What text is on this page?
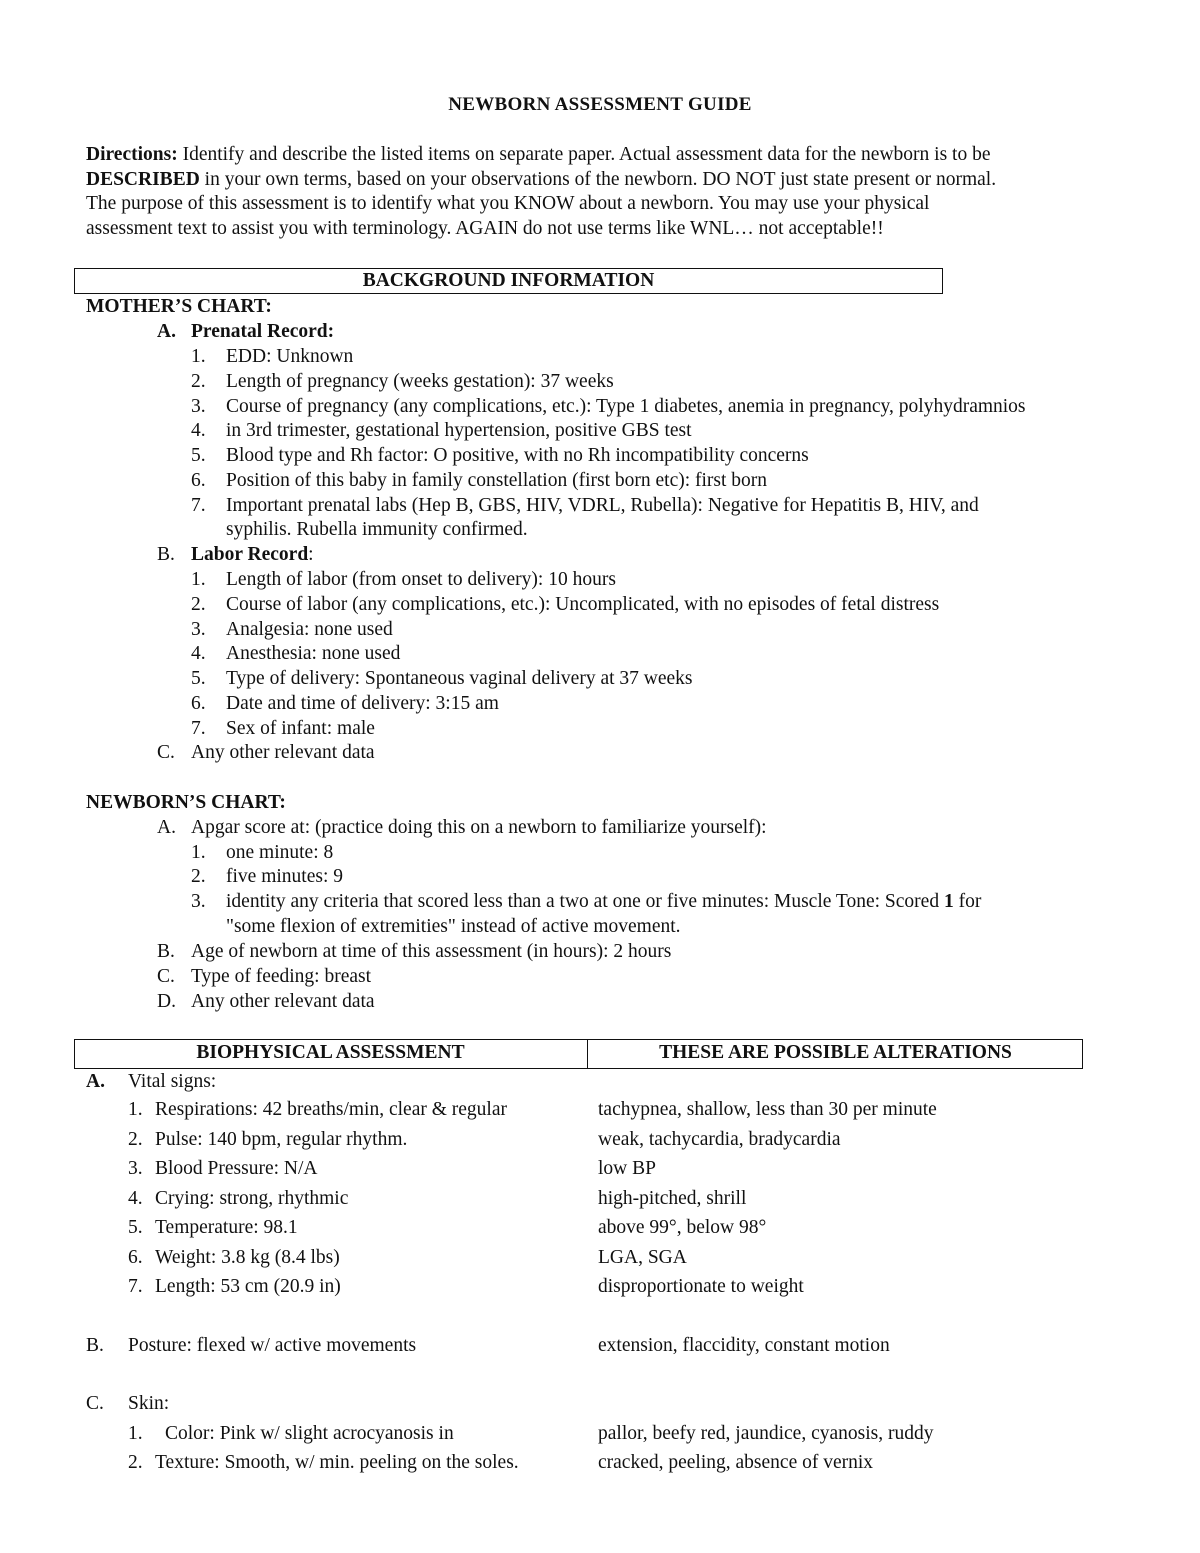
NEWBORN ASSESSMENT GUIDE
Directions: Identify and describe the listed items on separate paper. Actual assessment data for the newborn is to be
DESCRIBED in your own terms, based on your observations of the newborn. DO NOT just state present or normal.
The purpose of this assessment is to identify what you KNOW about a newborn. You may use your physical
assessment text to assist you with terminology. AGAIN do not use terms like WNL… not acceptable!!
BACKGROUND INFORMATION
MOTHER’S CHART:
A. Prenatal Record:
1. EDD: Unknown
2. Length of pregnancy (weeks gestation): 37 weeks
3. Course of pregnancy (any complications, etc.): Type 1 diabetes, anemia in pregnancy, polyhydramnios
4. in 3rd trimester, gestational hypertension, positive GBS test
5. Blood type and Rh factor: O positive, with no Rh incompatibility concerns
6. Position of this baby in family constellation (first born etc): first born
7. Important prenatal labs (Hep B, GBS, HIV, VDRL, Rubella): Negative for Hepatitis B, HIV, and
syphilis. Rubella immunity confirmed.
B. Labor Record:
1. Length of labor (from onset to delivery): 10 hours
2. Course of labor (any complications, etc.): Uncomplicated, with no episodes of fetal distress
3. Analgesia: none used
4. Anesthesia: none used
5. Type of delivery: Spontaneous vaginal delivery at 37 weeks
6. Date and time of delivery: 3:15 am
7. Sex of infant: male
C. Any other relevant data
NEWBORN’S CHART:
A. Apgar score at: (practice doing this on a newborn to familiarize yourself):
1. one minute: 8
2. five minutes: 9
3. identity any criteria that scored less than a two at one or five minutes: Muscle Tone: Scored 1 for
"some flexion of extremities" instead of active movement.
B. Age of newborn at time of this assessment (in hours): 2 hours
C. Type of feeding: breast
D. Any other relevant data
BIOPHYSICAL ASSESSMENT	THESE ARE POSSIBLE ALTERATIONS
A. Vital signs:
1. Respirations: 42 breaths/min, clear & regular	tachypnea, shallow, less than 30 per minute
2. Pulse: 140 bpm, regular rhythm.	weak, tachycardia, bradycardia
3. Blood Pressure: N/A	low BP
4. Crying: strong, rhythmic	high-pitched, shrill
5. Temperature: 98.1	above 99°, below 98°
6. Weight: 3.8 kg (8.4 lbs)	LGA, SGA
7. Length: 53 cm (20.9 in)	disproportionate to weight
B. Posture: flexed w/ active movements	extension, flaccidity, constant motion
C. Skin:
1. Color: Pink w/ slight acrocyanosis in	pallor, beefy red, jaundice, cyanosis, ruddy
2. Texture: Smooth, w/ min. peeling on the soles.	cracked, peeling, absence of vernix
